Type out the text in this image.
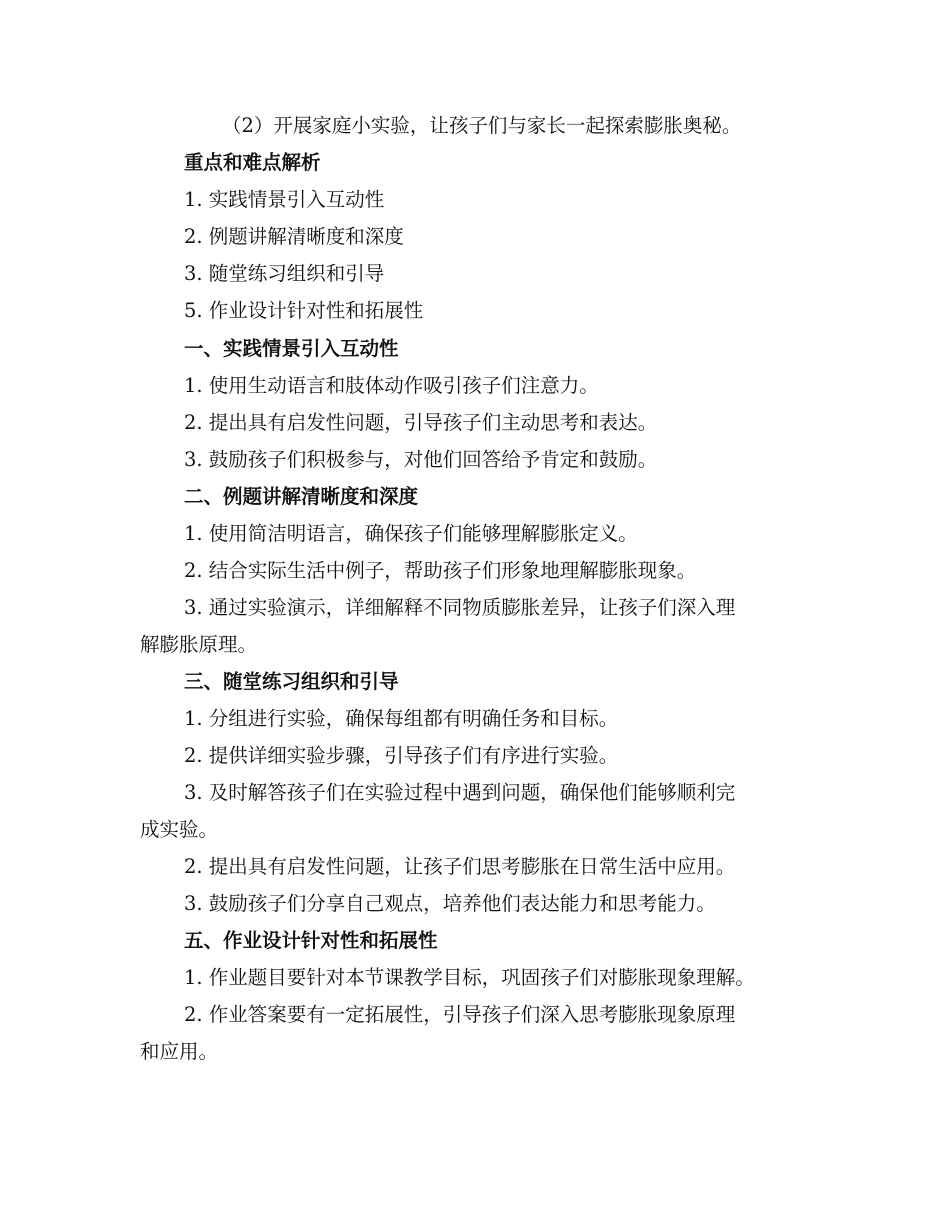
（2）开展家庭小实验，让孩子们与家长一起探索膨胀奥秘。
重点和难点解析
1. 实践情景引入互动性
2. 例题讲解清晰度和深度
3. 随堂练习组织和引导
5. 作业设计针对性和拓展性
一、实践情景引入互动性
1. 使用生动语言和肢体动作吸引孩子们注意力。
2. 提出具有启发性问题，引导孩子们主动思考和表达。
3. 鼓励孩子们积极参与，对他们回答给予肯定和鼓励。
二、例题讲解清晰度和深度
1. 使用简洁明语言，确保孩子们能够理解膨胀定义。
2. 结合实际生活中例子，帮助孩子们形象地理解膨胀现象。
3. 通过实验演示，详细解释不同物质膨胀差异，让孩子们深入理
解膨胀原理。
三、随堂练习组织和引导
1. 分组进行实验，确保每组都有明确任务和目标。
2. 提供详细实验步骤，引导孩子们有序进行实验。
3. 及时解答孩子们在实验过程中遇到问题，确保他们能够顺利完
成实验。
2. 提出具有启发性问题，让孩子们思考膨胀在日常生活中应用。
3. 鼓励孩子们分享自己观点，培养他们表达能力和思考能力。
五、作业设计针对性和拓展性
1. 作业题目要针对本节课教学目标，巩固孩子们对膨胀现象理解。
2. 作业答案要有一定拓展性，引导孩子们深入思考膨胀现象原理
和应用。
